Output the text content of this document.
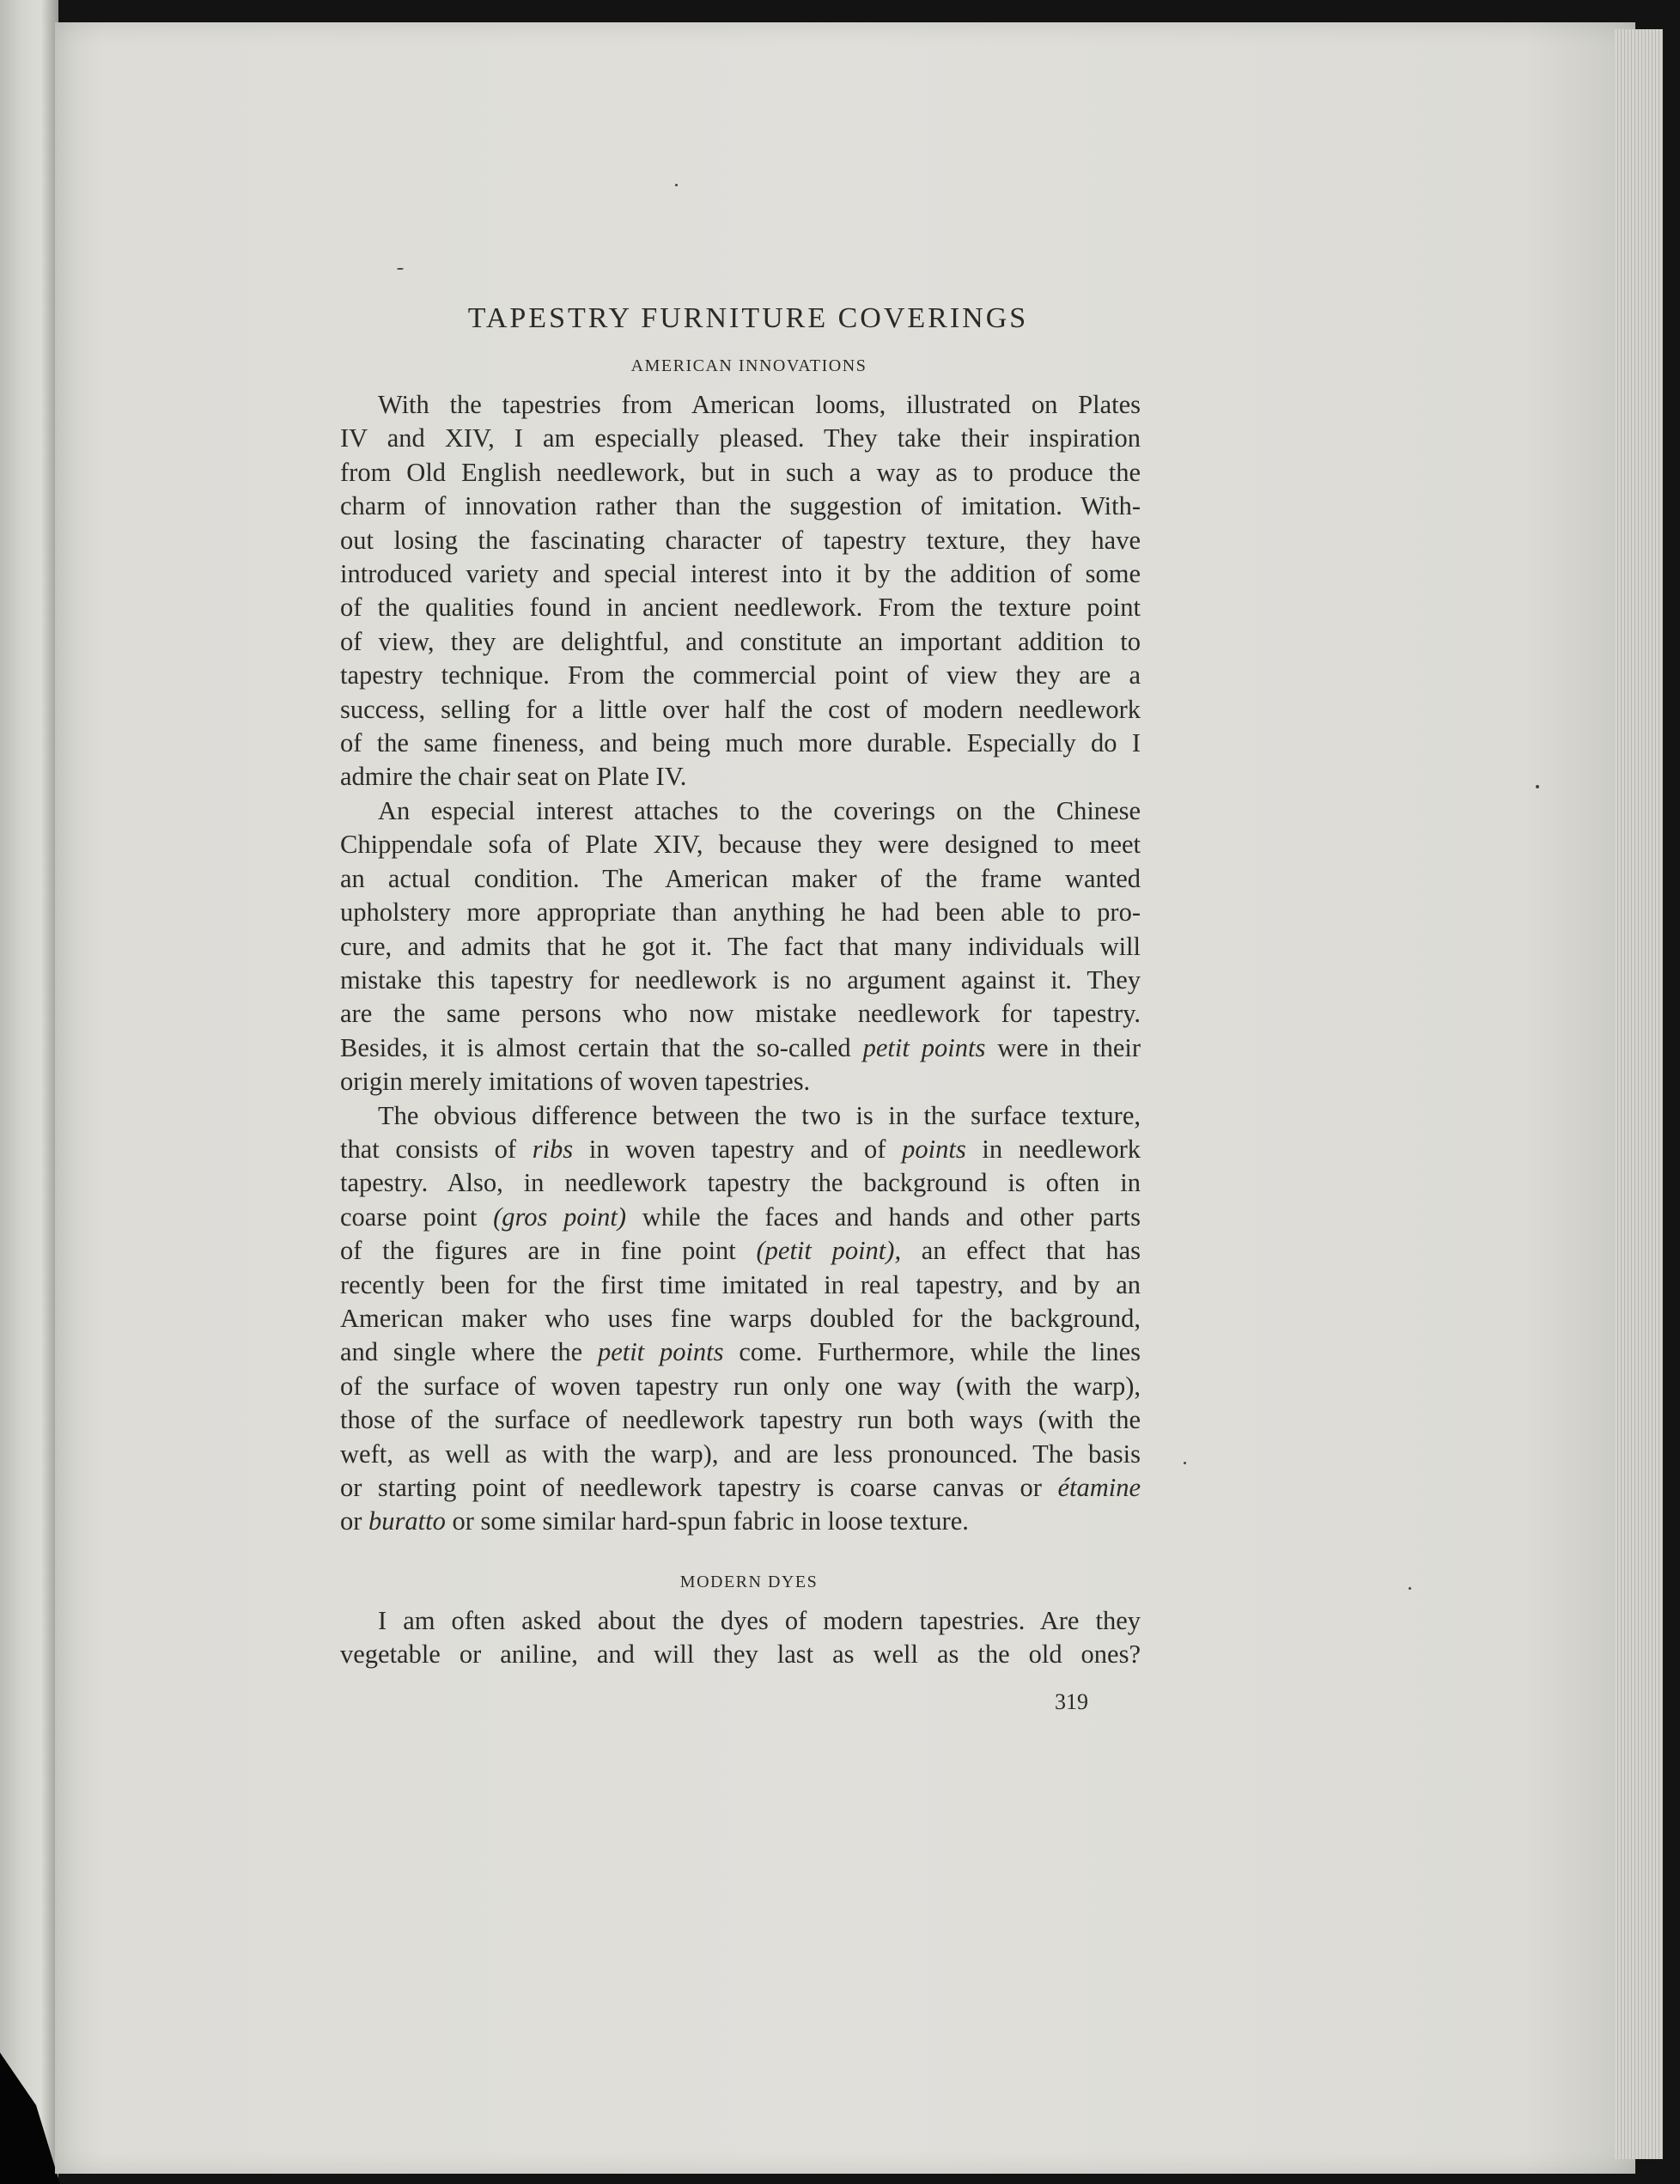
TAPESTRY FURNITURE COVERINGS
AMERICAN INNOVATIONS
With the tapestries from American looms, illustrated on Plates
IV and XIV, I am especially pleased. They take their inspiration
from Old English needlework, but in such a way as to produce the
charm of innovation rather than the suggestion of imitation. With-
out losing the fascinating character of tapestry texture, they have
introduced variety and special interest into it by the addition of some
of the qualities found in ancient needlework. From the texture point
of view, they are delightful, and constitute an important addition to
tapestry technique. From the commercial point of view they are a
success, selling for a little over half the cost of modern needlework
of the same fineness, and being much more durable. Especially do I
admire the chair seat on Plate IV.
An especial interest attaches to the coverings on the Chinese
Chippendale sofa of Plate XIV, because they were designed to meet
an actual condition. The American maker of the frame wanted
upholstery more appropriate than anything he had been able to pro-
cure, and admits that he got it. The fact that many individuals will
mistake this tapestry for needlework is no argument against it. They
are the same persons who now mistake needlework for tapestry.
Besides, it is almost certain that the so-called petit points were in their
origin merely imitations of woven tapestries.
The obvious difference between the two is in the surface texture,
that consists of ribs in woven tapestry and of points in needlework
tapestry. Also, in needlework tapestry the background is often in
coarse point (gros point) while the faces and hands and other parts
of the figures are in fine point (petit point), an effect that has
recently been for the first time imitated in real tapestry, and by an
American maker who uses fine warps doubled for the background,
and single where the petit points come. Furthermore, while the lines
of the surface of woven tapestry run only one way (with the warp),
those of the surface of needlework tapestry run both ways (with the
weft, as well as with the warp), and are less pronounced. The basis
or starting point of needlework tapestry is coarse canvas or étamine
or buratto or some similar hard-spun fabric in loose texture.
MODERN DYES
I am often asked about the dyes of modern tapestries. Are they
vegetable or aniline, and will they last as well as the old ones?
319
